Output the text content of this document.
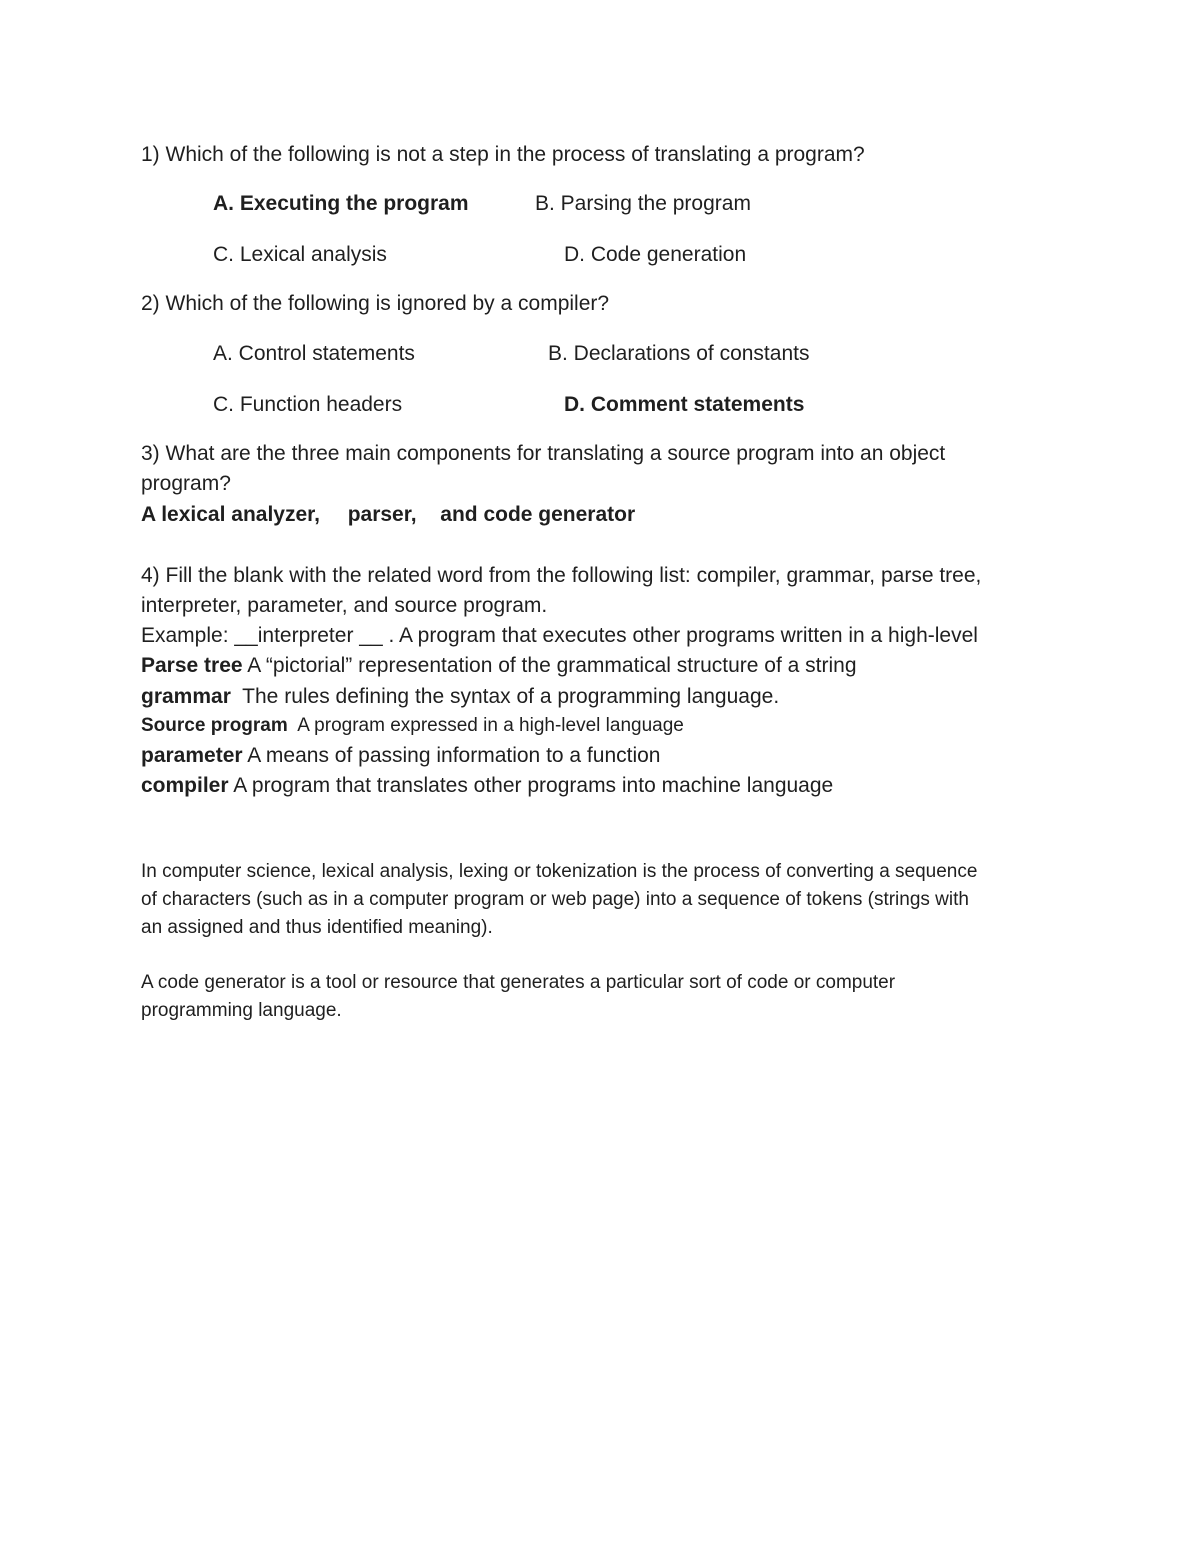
1) Which of the following is not a step in the process of translating a program?
A. Executing the program	B. Parsing the program
C. Lexical analysis	D. Code generation
2) Which of the following is ignored by a compiler?
A. Control statements	B. Declarations of constants
C. Function headers	D. Comment statements
3) What are the three main components for translating a source program into an object
program?
A lexical analyzer, parser, and code generator
4) Fill the blank with the related word from the following list: compiler, grammar, parse tree,
interpreter, parameter, and source program.
Example: __interpreter __ . A program that executes other programs written in a high-level
Parse tree A “pictorial” representation of the grammatical structure of a string
grammar  The rules defining the syntax of a programming language.
Source program  A program expressed in a high-level language
parameter A means of passing information to a function
compiler A program that translates other programs into machine language
In computer science, lexical analysis, lexing or tokenization is the process of converting a sequence
of characters (such as in a computer program or web page) into a sequence of tokens (strings with
an assigned and thus identified meaning).
A code generator is a tool or resource that generates a particular sort of code or computer
programming language.
